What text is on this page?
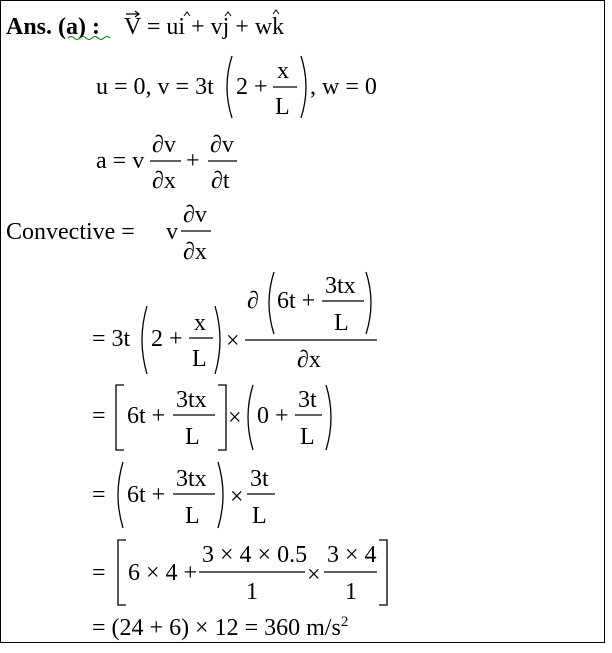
Ans. (a) : V = ui + vj + wk
u = 0, v = 3t 2 +
x
L
, w = 0
a = v
∂v
∂x
+
∂v
∂t
Convective = v
∂v
∂x
= 3t 2 +
x
L
×
∂ 6t +
3tx
L
∂x
= 6t +
3tx
L
× 0 +
3t
L
= 6t +
3tx
L
×
3t
L
= 6 × 4 +
3 × 4 × 0.5
1
×
3 × 4
1
= (24 + 6) × 12 = 360 $m/s^2$
